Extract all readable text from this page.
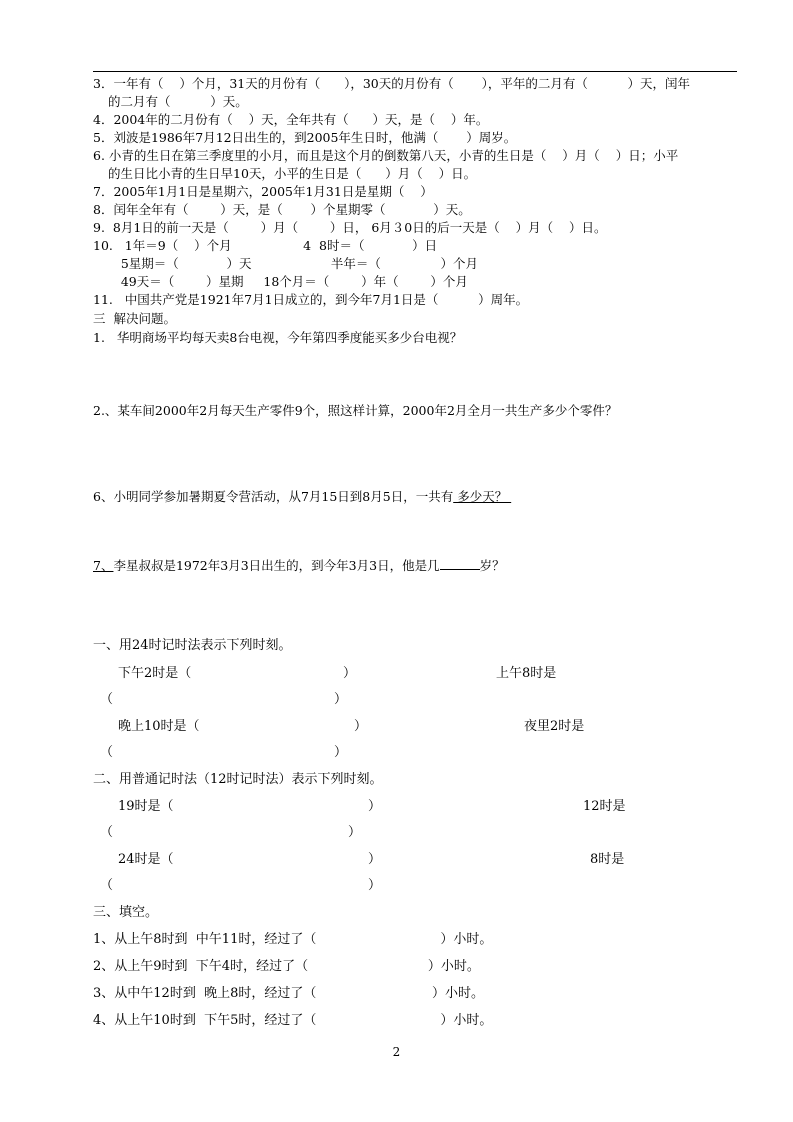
3．一年有（    ）个月，31天的月份有（      ），30天的月份有（       ），平年的二月有（          ）天，闰年
的二月有（          ）天。
4．2004年的二月份有（    ）天，全年共有（      ）天，是（    ）年。
5．刘波是1986年7月12日出生的，到2005年生日时，他满（       ）周岁。
6. 小青的生日在第三季度里的小月，而且是这个月的倒数第八天，小青的生日是（    ）月（    ）日；小平
的生日比小青的生日早10天，小平的生日是（      ）月（    ）日。
7．2005年1月1日是星期六，2005年1月31日是星期（    ）
8．闰年全年有（        ）天，是（       ）个星期零（            ）天。
9.  8月1日的前一天是（        ）月（        ）日， 6月３0日的后一天是（    ）月（    ）日。
10.   1年＝9（    ）个月                  4  8时＝（            ）日
5星期＝（            ）天                    半年＝（               ）个月
49天＝（        ）星期     18个月＝（        ）年（        ）个月
11.   中国共产党是1921年7月1日成立的，到今年7月1日是（          ）周年。
三  解决问题。
1.   华明商场平均每天卖8台电视，今年第四季度能买多少台电视？
2.、某车间2000年2月每天生产零件9个，照这样计算，2000年2月全月一共生产多少个零件？
6、小明同学参加暑期夏令营活动，从7月15日到8月5日，一共有 多少天？
7、李星叔叔是1972年3月3日出生的，到今年3月3日，他是几	岁？
一、用24时记时法表示下列时刻。
下午2时是（	）	上午8时是
（	）
晚上10时是（	）	夜里2时是
（	）
二、用普通记时法（12时记时法）表示下列时刻。
19时是（	）	12时是
（	）
24时是（	）	8时是
（	）
三、填空。
1、从上午8时到  中午11时，经过了（                              ）小时。
2、从上午9时到  下午4时，经过了（                             ）小时。
3、从中午12时到  晚上8时，经过了（                            ）小时。
4、从上午10时到  下午5时，经过了（                              ）小时。
2
